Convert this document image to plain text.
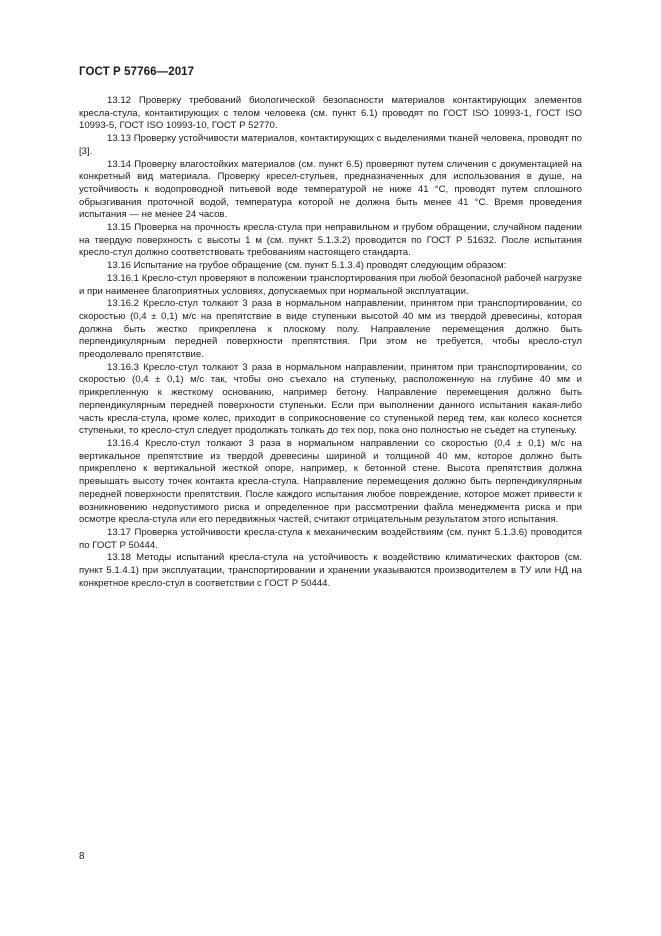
ГОСТ Р 57766—2017

13.12 Проверку требований биологической безопасности материалов контактирующих элементов кресла-стула, контактирующих с телом человека (см. пункт 6.1) проводят по ГОСТ ISO 10993-1, ГОСТ ISO 10993-5, ГОСТ ISO 10993-10, ГОСТ Р 52770.

13.13 Проверку устойчивости материалов, контактирующих с выделениями тканей человека, проводят по [3].

13.14 Проверку влагостойких материалов (см. пункт 6.5) проверяют путем сличения с документацией на конкретный вид материала. Проверку кресел-стульев, предназначенных для использования в душе, на устойчивость к водопроводной питьевой воде температурой не ниже 41 °С, проводят путем сплошного обрызгивания проточной водой, температура которой не должна быть менее 41 °С. Время проведения испытания — не менее 24 часов.

13.15 Проверка на прочность кресла-стула при неправильном и грубом обращении, случайном падении на твердую поверхность с высоты 1 м (см. пункт 5.1.3.2) проводится по ГОСТ Р 51632. После испытания кресло-стул должно соответствовать требованиям настоящего стандарта.

13.16 Испытание на грубое обращение (см. пункт 5.1.3.4) проводят следующим образом:

13.16.1 Кресло-стул проверяют в положении транспортирования при любой безопасной рабочей нагрузке и при наименее благоприятных условиях, допускаемых при нормальной эксплуатации.

13.16.2 Кресло-стул толкают 3 раза в нормальном направлении, принятом при транспортировании, со скоростью (0,4 ± 0,1) м/с на препятствие в виде ступеньки высотой 40 мм из твердой древесины, которая должна быть жестко прикреплена к плоскому полу. Направление перемещения должно быть перпендикулярным передней поверхности препятствия. При этом не требуется, чтобы кресло-стул преодолевало препятствие.

13.16.3 Кресло-стул толкают 3 раза в нормальном направлении, принятом при транспортировании, со скоростью (0,4 ± 0,1) м/с так, чтобы оно съехало на ступеньку, расположенную на глубине 40 мм и прикрепленную к жесткому основанию, например бетону. Направление перемещения должно быть перпендикулярным передней поверхности ступеньки. Если при выполнении данного испытания какая-либо часть кресла-стула, кроме колес, приходит в соприкосновение со ступенькой перед тем, как колесо коснется ступеньки, то кресло-стул следует продолжать толкать до тех пор, пока оно полностью не съедет на ступеньку.

13.16.4 Кресло-стул толкают 3 раза в нормальном направлении со скоростью (0,4 ± 0,1) м/с на вертикальное препятствие из твердой древесины шириной и толщиной 40 мм, которое должно быть прикреплено к вертикальной жесткой опоре, например, к бетонной стене. Высота препятствия должна превышать высоту точек контакта кресла-стула. Направление перемещения должно быть перпендикулярным передней поверхности препятствия. После каждого испытания любое повреждение, которое может привести к возникновению недопустимого риска и определенное при рассмотрении файла менеджмента риска и при осмотре кресла-стула или его передвижных частей, считают отрицательным результатом этого испытания.

13.17 Проверка устойчивости кресла-стула к механическим воздействиям (см. пункт 5.1.3.6) проводится по ГОСТ Р 50444.

13.18 Методы испытаний кресла-стула на устойчивость к воздействию климатических факторов (см. пункт 5.1.4.1) при эксплуатации, транспортировании и хранении указываются производителем в ТУ или НД на конкретное кресло-стул в соответствии с ГОСТ Р 50444.

8
